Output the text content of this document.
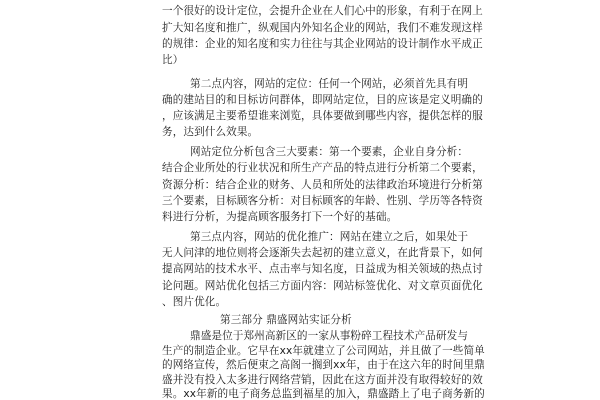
一个很好的设计定位，会提升企业在人们心中的形象，有利于在网上
扩大知名度和推广，纵观国内外知名企业的网站，我们不难发现这样
的规律：企业的知名度和实力往往与其企业网站的设计制作水平成正
比）
第二点内容，网站的定位：任何一个网站，必须首先具有明
确的建站目的和目标访问群体，即网站定位，目的应该是定义明确的
，应该满足主要希望谁来浏览，具体要做到哪些内容，提供怎样的服
务，达到什么效果。
网站定位分析包含三大要素：第一个要素，企业自身分析：
结合企业所处的行业状况和所生产产品的特点进行分析第二个要素，
资源分析：结合企业的财务、人员和所处的法律政治环境进行分析第
三个要素，目标顾客分析：对目标顾客的年龄、性别、学历等各特资
料进行分析，为提高顾客服务打下一个好的基础。
第三点内容，网站的优化推广：网站在建立之后，如果处于
无人问津的地位则将会逐渐失去起初的建立意义，在此背景下，如何
提高网站的技术水平、点击率与知名度，日益成为相关领域的热点讨
论问题。网站优化包括三方面内容：网站标签优化、对文章页面优化
、图片优化。
第三部分 鼎盛网站实证分析
鼎盛是位于郑州高新区的一家从事粉碎工程技术产品研发与
生产的制造企业。它早在xx年就建立了公司网站，并且做了一些简单
的网络宣传，然后便束之高阁一搁到xx年，由于在这六年的时间里鼎
盛并没有投入太多进行网络营销，因此在这方面并没有取得较好的效
果。xx年新的电子商务总监到福星的加入，鼎盛踏上了电子商务新的
